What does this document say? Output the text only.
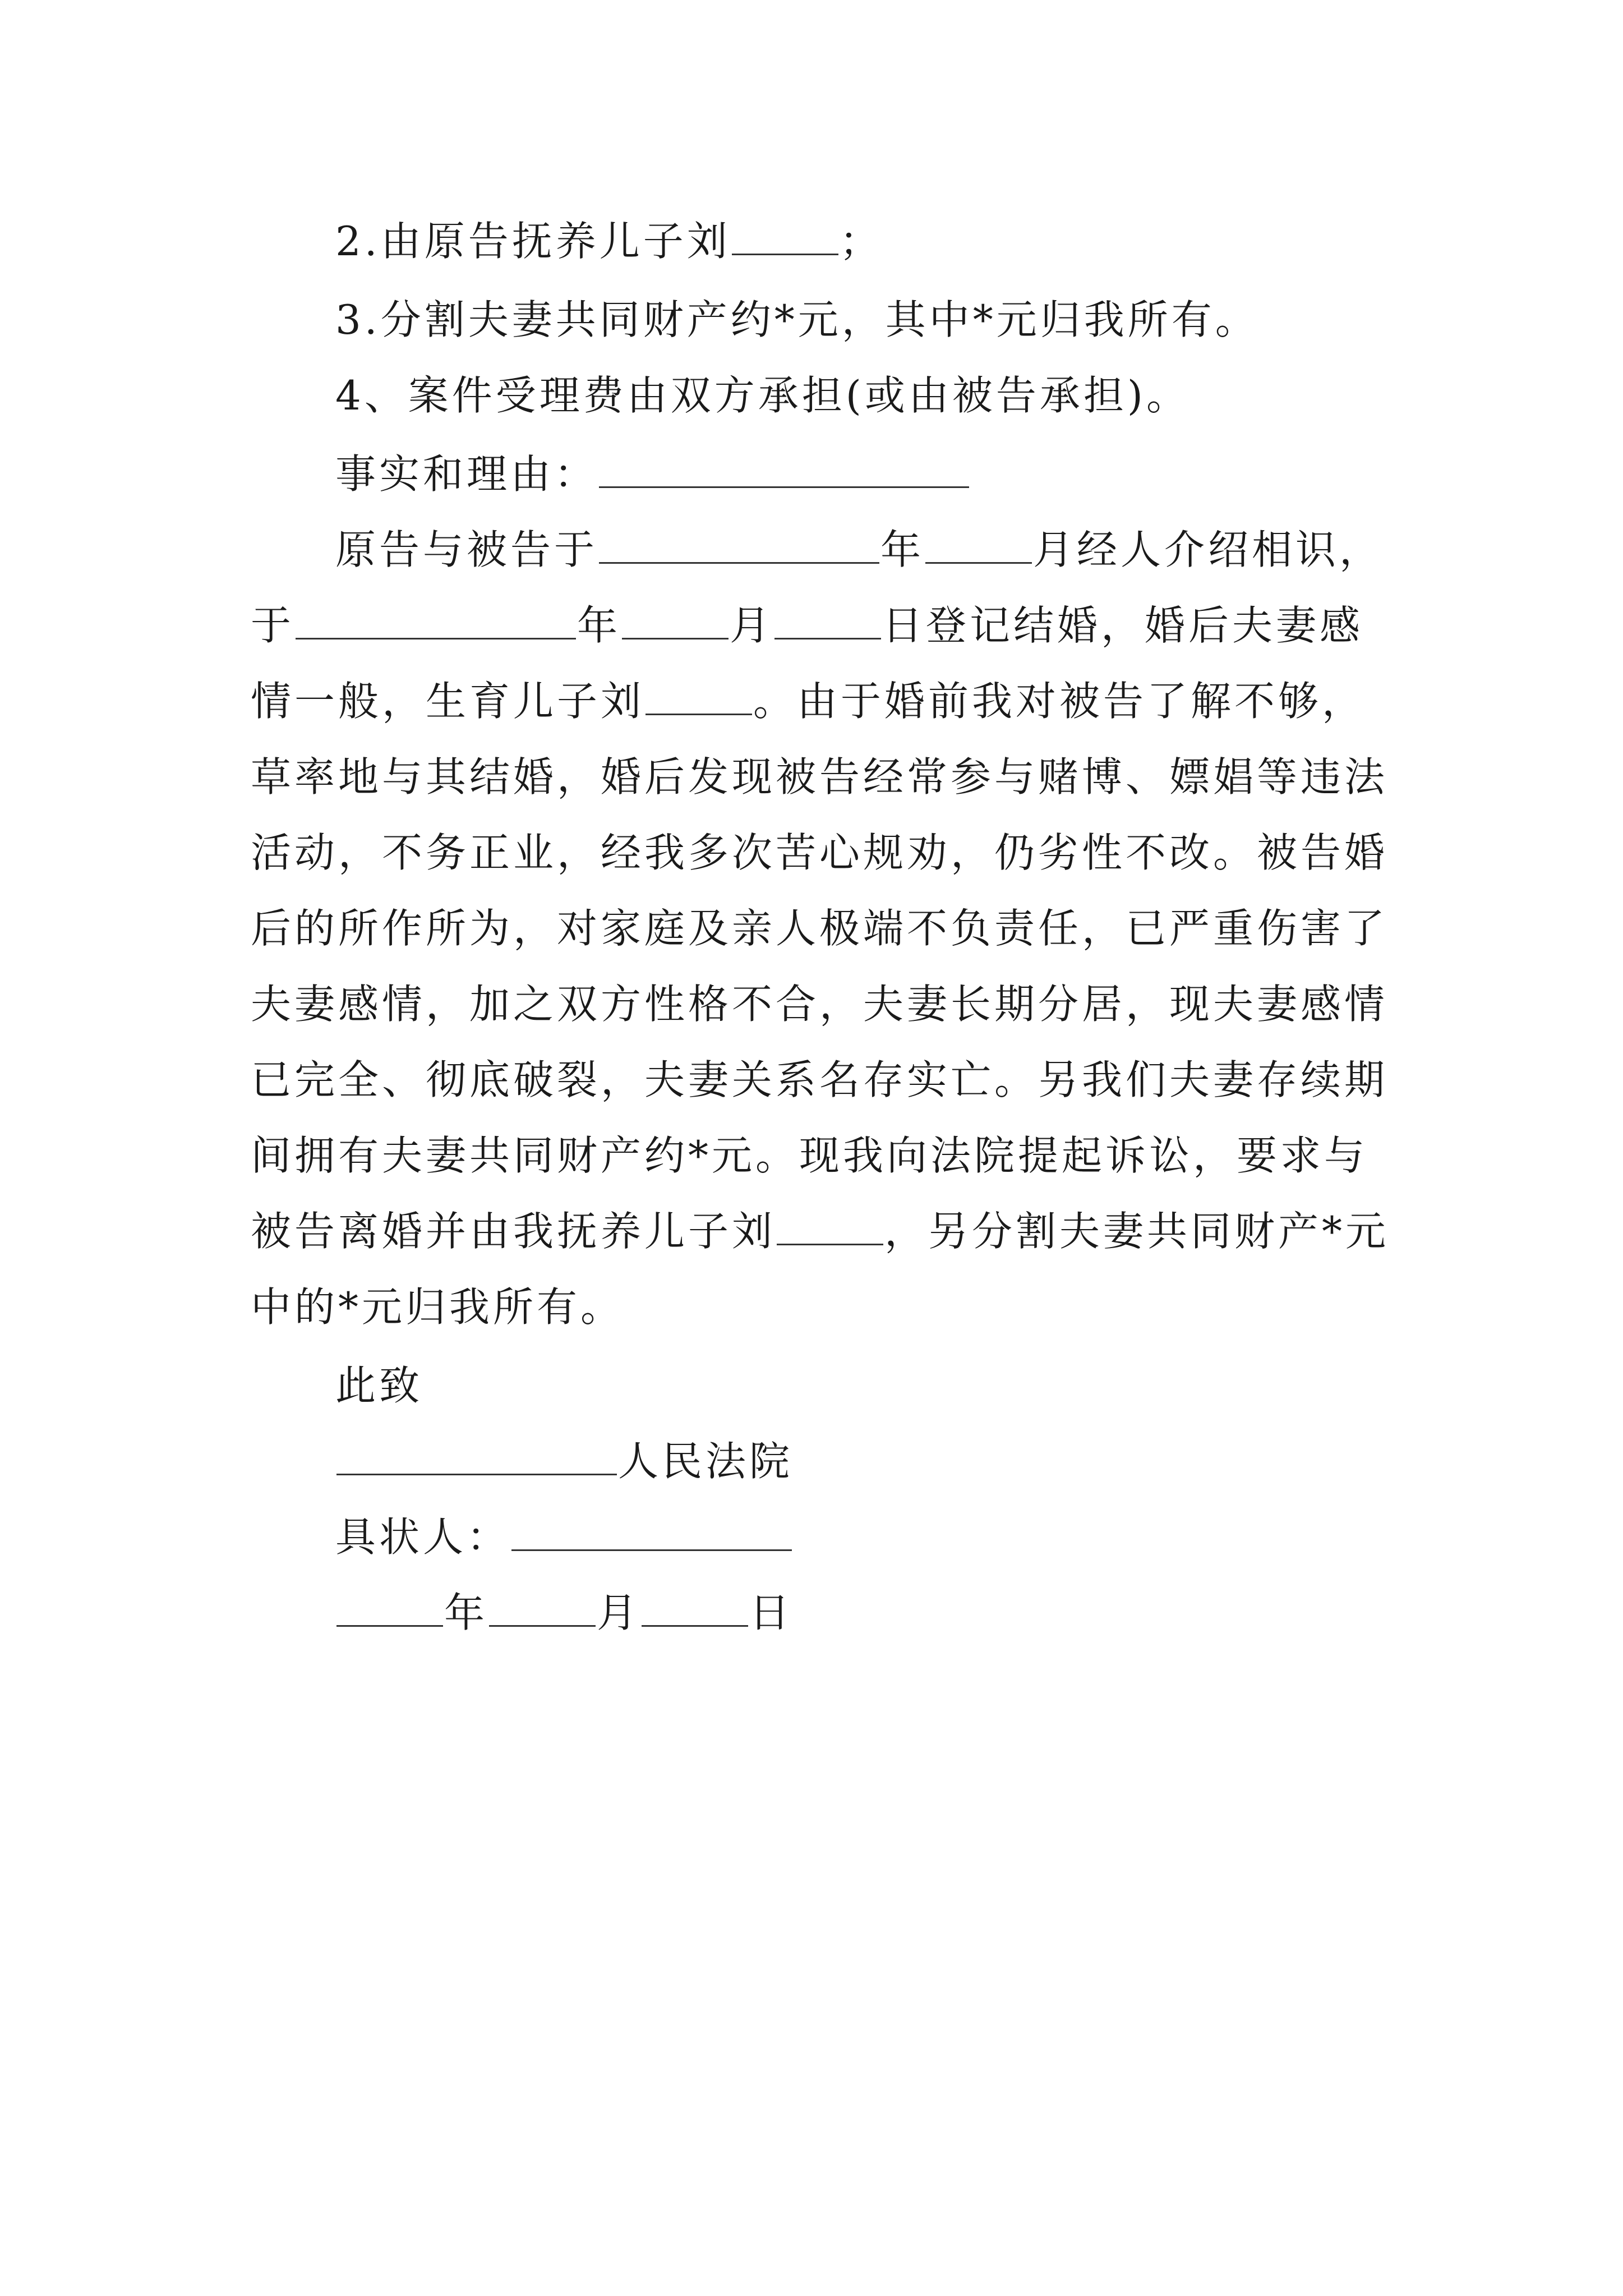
2.由原告抚养儿子刘	；
3.分割夫妻共同财产约*元，其中*元归我所有。
4、案件受理费由双方承担(或由被告承担)。
事实和理由：
原告与被告于	年	月经人介绍相识，
于	年	月	日登记结婚，婚后夫妻感
情一般，生育儿子刘	。由于婚前我对被告了解不够，
草率地与其结婚，婚后发现被告经常参与赌博、嫖娼等违法
活动，不务正业，经我多次苦心规劝，仍劣性不改。被告婚
后的所作所为，对家庭及亲人极端不负责任，已严重伤害了
夫妻感情，加之双方性格不合，夫妻长期分居，现夫妻感情
已完全、彻底破裂，夫妻关系名存实亡。另我们夫妻存续期
间拥有夫妻共同财产约*元。现我向法院提起诉讼，要求与
被告离婚并由我抚养儿子刘	，另分割夫妻共同财产*元
中的*元归我所有。
此致
人民法院
具状人：
年	月	日
